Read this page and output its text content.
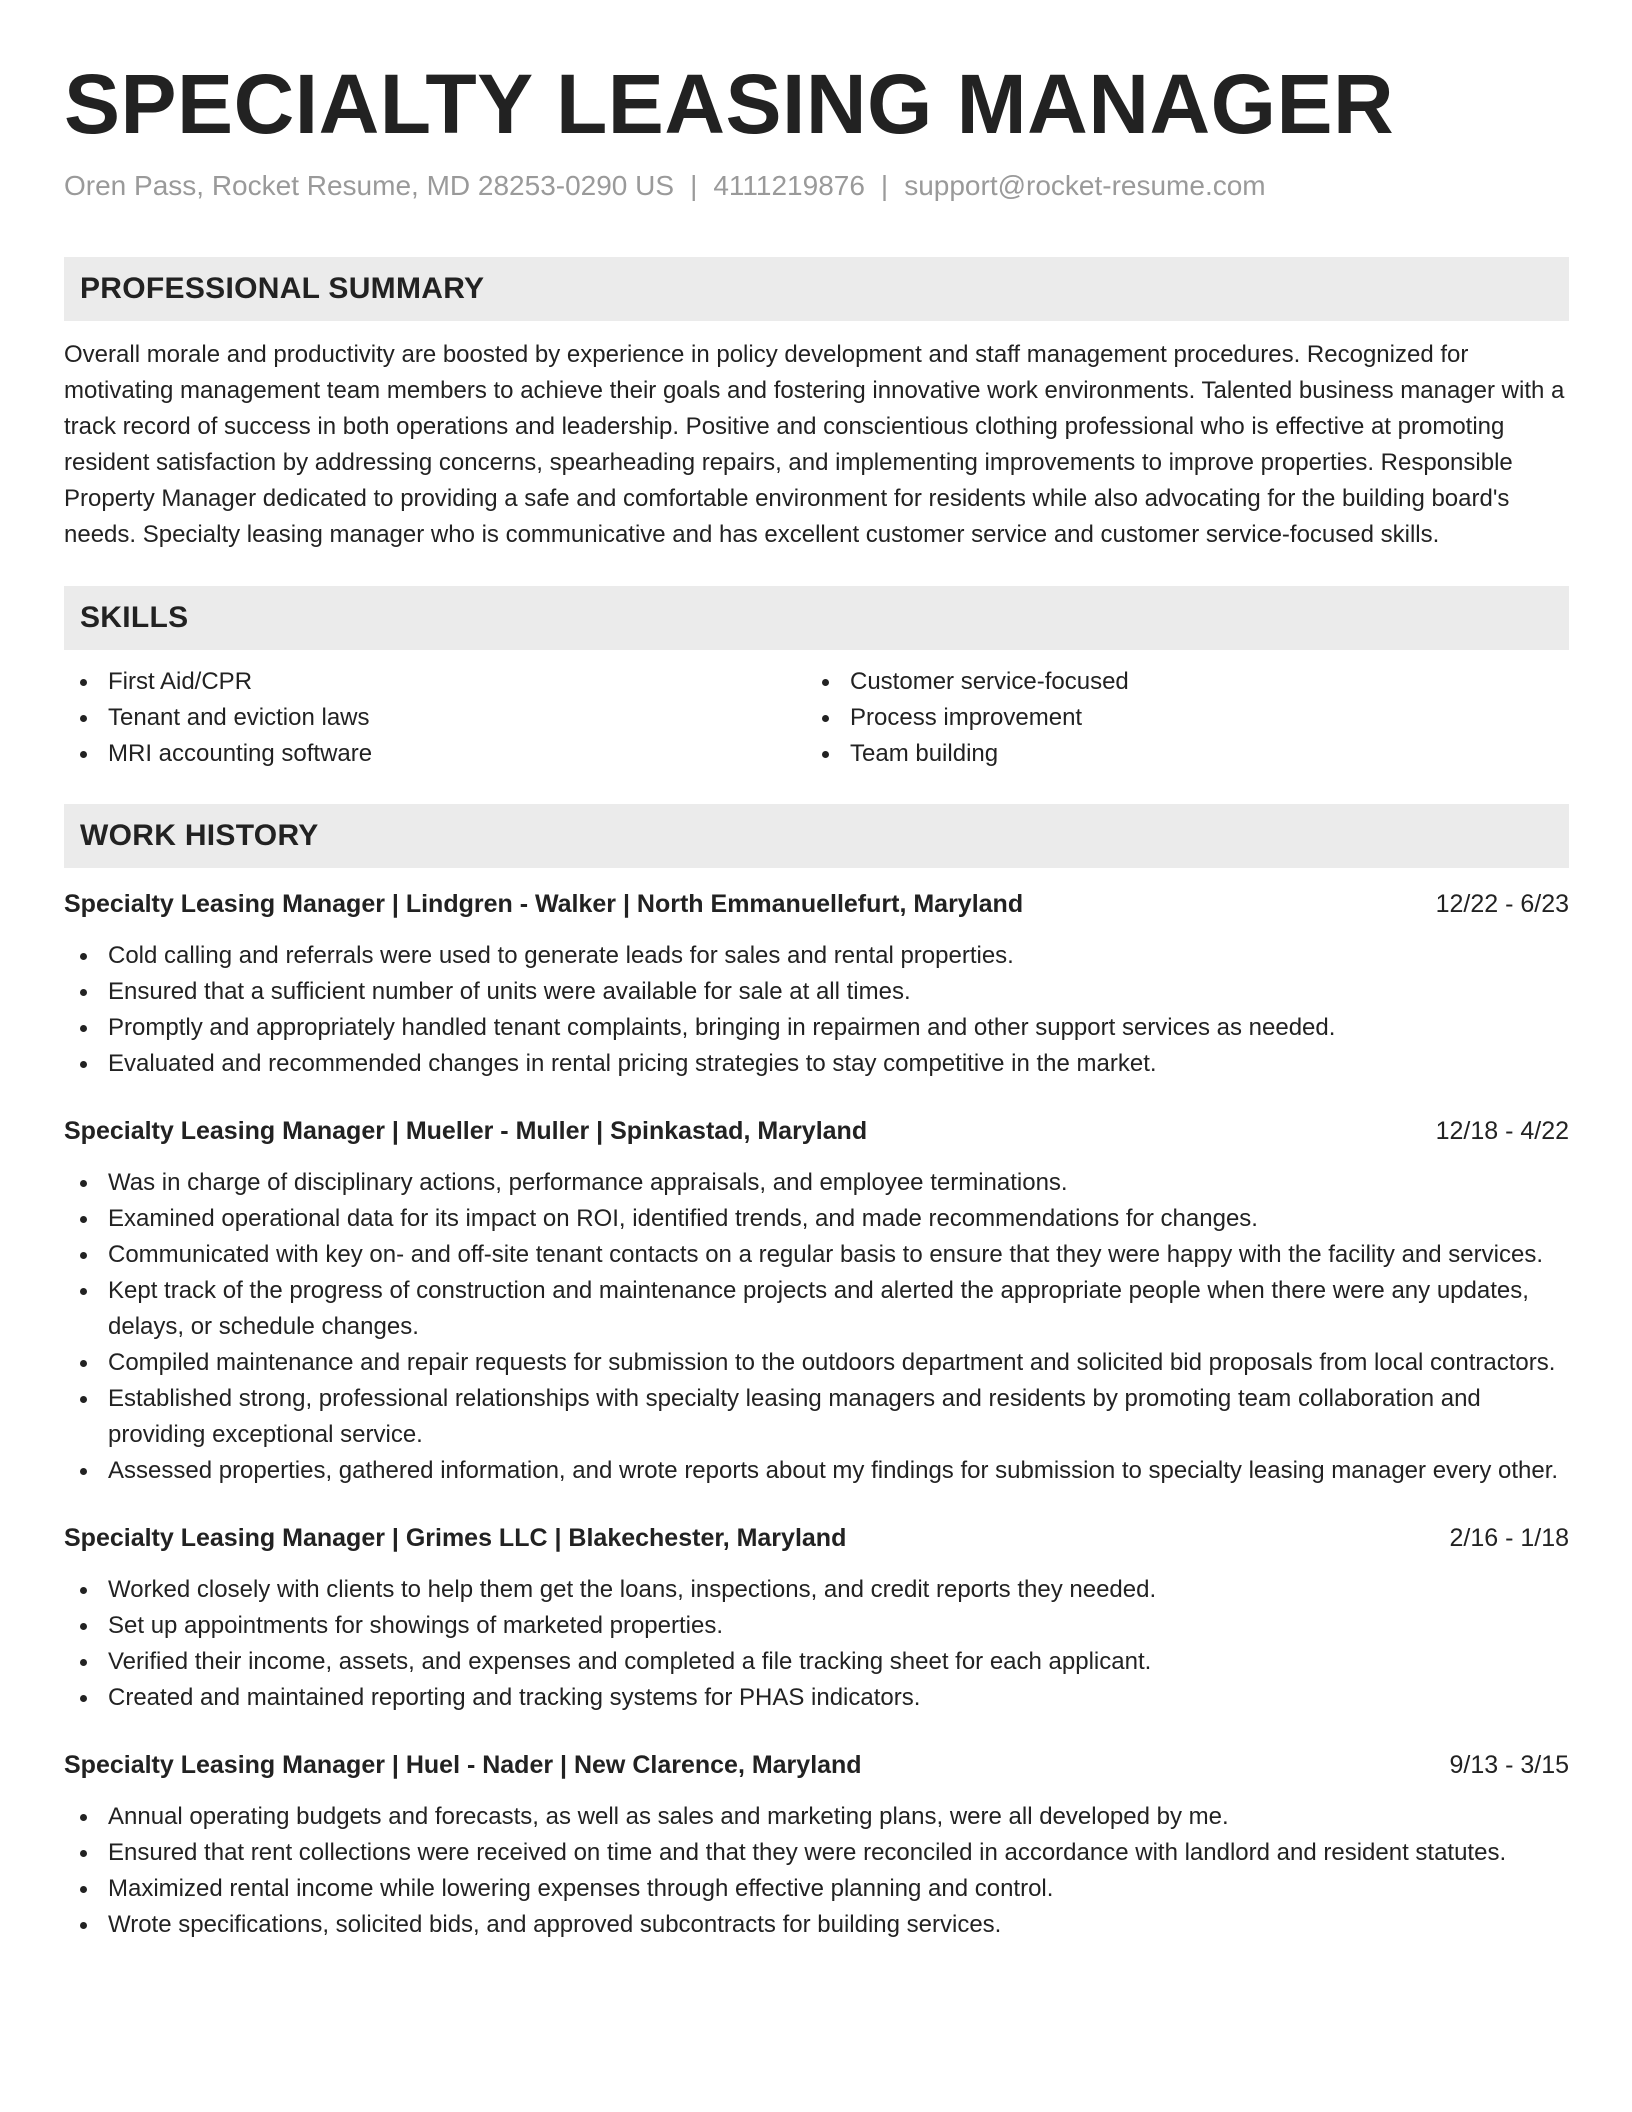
SPECIALTY LEASING MANAGER
Oren Pass, Rocket Resume, MD 28253-0290 US | 4111219876 | support@rocket-resume.com
PROFESSIONAL SUMMARY
Overall morale and productivity are boosted by experience in policy development and staff management procedures. Recognized for motivating management team members to achieve their goals and fostering innovative work environments. Talented business manager with a track record of success in both operations and leadership. Positive and conscientious clothing professional who is effective at promoting resident satisfaction by addressing concerns, spearheading repairs, and implementing improvements to improve properties. Responsible Property Manager dedicated to providing a safe and comfortable environment for residents while also advocating for the building board's needs. Specialty leasing manager who is communicative and has excellent customer service and customer service-focused skills.
SKILLS
First Aid/CPR
Tenant and eviction laws
MRI accounting software
Customer service-focused
Process improvement
Team building
WORK HISTORY
Specialty Leasing Manager | Lindgren - Walker | North Emmanuellefurt, Maryland	12/22 - 6/23
Cold calling and referrals were used to generate leads for sales and rental properties.
Ensured that a sufficient number of units were available for sale at all times.
Promptly and appropriately handled tenant complaints, bringing in repairmen and other support services as needed.
Evaluated and recommended changes in rental pricing strategies to stay competitive in the market.
Specialty Leasing Manager | Mueller - Muller | Spinkastad, Maryland	12/18 - 4/22
Was in charge of disciplinary actions, performance appraisals, and employee terminations.
Examined operational data for its impact on ROI, identified trends, and made recommendations for changes.
Communicated with key on- and off-site tenant contacts on a regular basis to ensure that they were happy with the facility and services.
Kept track of the progress of construction and maintenance projects and alerted the appropriate people when there were any updates, delays, or schedule changes.
Compiled maintenance and repair requests for submission to the outdoors department and solicited bid proposals from local contractors.
Established strong, professional relationships with specialty leasing managers and residents by promoting team collaboration and providing exceptional service.
Assessed properties, gathered information, and wrote reports about my findings for submission to specialty leasing manager every other.
Specialty Leasing Manager | Grimes LLC | Blakechester, Maryland	2/16 - 1/18
Worked closely with clients to help them get the loans, inspections, and credit reports they needed.
Set up appointments for showings of marketed properties.
Verified their income, assets, and expenses and completed a file tracking sheet for each applicant.
Created and maintained reporting and tracking systems for PHAS indicators.
Specialty Leasing Manager | Huel - Nader | New Clarence, Maryland	9/13 - 3/15
Annual operating budgets and forecasts, as well as sales and marketing plans, were all developed by me.
Ensured that rent collections were received on time and that they were reconciled in accordance with landlord and resident statutes.
Maximized rental income while lowering expenses through effective planning and control.
Wrote specifications, solicited bids, and approved subcontracts for building services.
